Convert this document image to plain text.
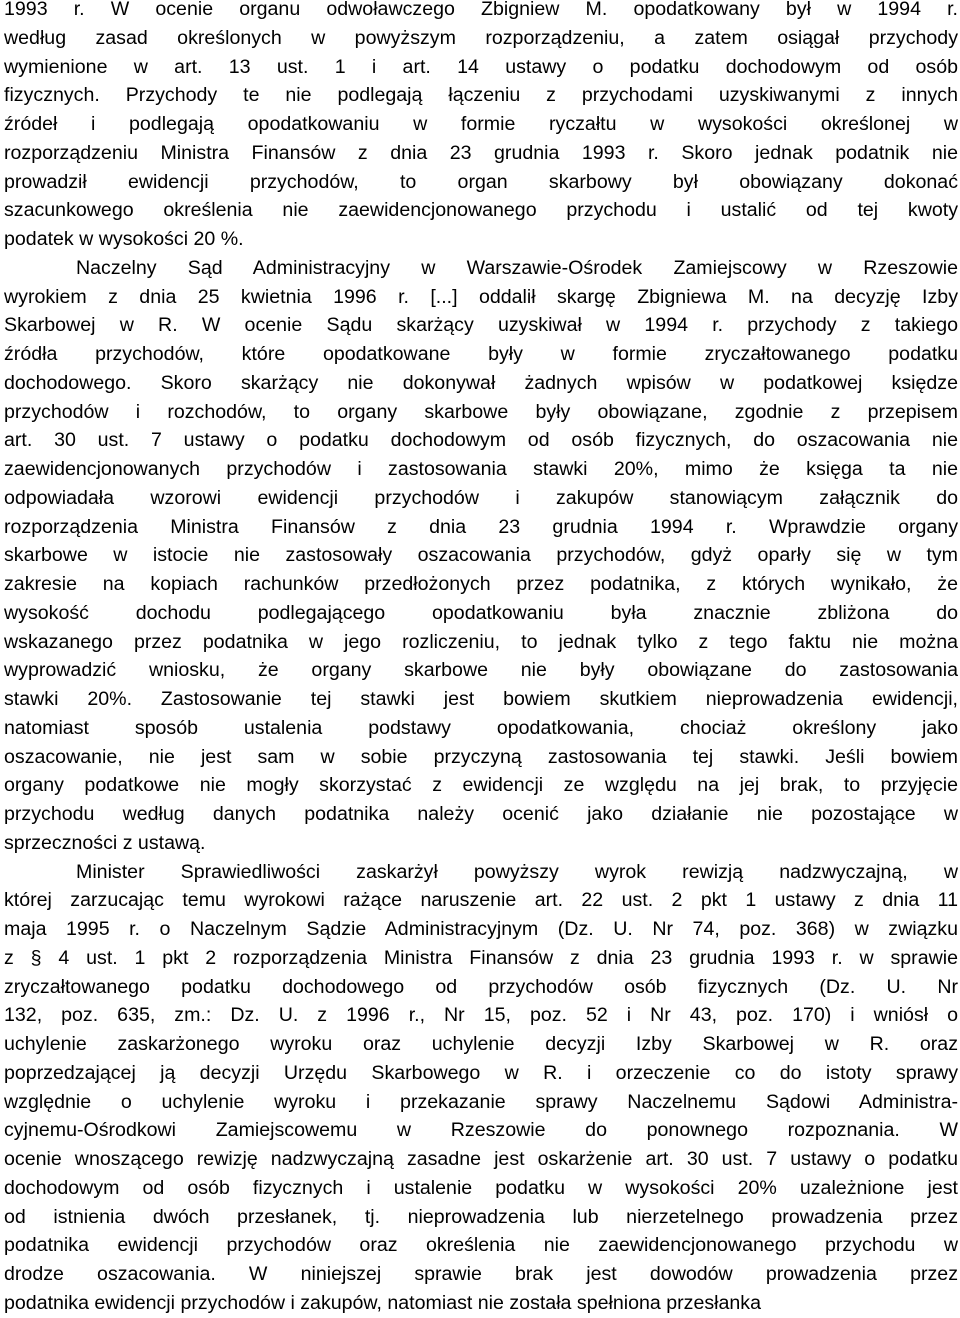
1993 r. W ocenie organu odwoławczego Zbigniew M. opodatkowany był w 1994 r.
według zasad określonych w powyższym rozporządzeniu, a zatem osiągał przychody
wymienione w art. 13 ust. 1 i art. 14 ustawy o podatku dochodowym od osób
fizycznych. Przychody te nie podlegają łączeniu z przychodami uzyskiwanymi z innych
źródeł i podlegają opodatkowaniu w formie ryczałtu w wysokości określonej w
rozporządzeniu Ministra Finansów z dnia 23 grudnia 1993 r. Skoro jednak podatnik nie
prowadził ewidencji przychodów, to organ skarbowy był obowiązany dokonać
szacunkowego określenia nie zaewidencjonowanego przychodu i ustalić od tej kwoty
podatek w wysokości 20 %.
Naczelny Sąd Administracyjny w Warszawie-Ośrodek Zamiejscowy w Rzeszowie
wyrokiem z dnia 25 kwietnia 1996 r. [...] oddalił skargę Zbigniewa M. na decyzję Izby
Skarbowej w R. W ocenie Sądu skarżący uzyskiwał w 1994 r. przychody z takiego
źródła przychodów, które opodatkowane były w formie zryczałtowanego podatku
dochodowego. Skoro skarżący nie dokonywał żadnych wpisów w podatkowej księdze
przychodów i rozchodów, to organy skarbowe były obowiązane, zgodnie z przepisem
art. 30 ust. 7 ustawy o podatku dochodowym od osób fizycznych, do oszacowania nie
zaewidencjonowanych przychodów i zastosowania stawki 20%, mimo że księga ta nie
odpowiadała wzorowi ewidencji przychodów i zakupów stanowiącym załącznik do
rozporządzenia Ministra Finansów z dnia 23 grudnia 1994 r. Wprawdzie organy
skarbowe w istocie nie zastosowały oszacowania przychodów, gdyż oparły się w tym
zakresie na kopiach rachunków przedłożonych przez podatnika, z których wynikało, że
wysokość dochodu podlegającego opodatkowaniu była znacznie zbliżona do
wskazanego przez podatnika w jego rozliczeniu, to jednak tylko z tego faktu nie można
wyprowadzić wniosku, że organy skarbowe nie były obowiązane do zastosowania
stawki 20%. Zastosowanie tej stawki jest bowiem skutkiem nieprowadzenia ewidencji,
natomiast sposób ustalenia podstawy opodatkowania, chociaż określony jako
oszacowanie, nie jest sam w sobie przyczyną zastosowania tej stawki. Jeśli bowiem
organy podatkowe nie mogły skorzystać z ewidencji ze względu na jej brak, to przyjęcie
przychodu według danych podatnika należy ocenić jako działanie nie pozostające w
sprzeczności z ustawą.
Minister Sprawiedliwości zaskarżył powyższy wyrok rewizją nadzwyczajną, w
której zarzucając temu wyrokowi rażące naruszenie art. 22 ust. 2 pkt 1 ustawy z dnia 11
maja 1995 r. o Naczelnym Sądzie Administracyjnym (Dz. U. Nr 74, poz. 368) w związku
z § 4 ust. 1 pkt 2 rozporządzenia Ministra Finansów z dnia 23 grudnia 1993 r. w sprawie
zryczałtowanego podatku dochodowego od przychodów osób fizycznych (Dz. U. Nr
132, poz. 635, zm.: Dz. U. z 1996 r., Nr 15, poz. 52 i Nr 43, poz. 170) i wniósł o
uchylenie zaskarżonego wyroku oraz uchylenie decyzji Izby Skarbowej w R. oraz
poprzedzającej ją decyzji Urzędu Skarbowego w R. i orzeczenie co do istoty sprawy
względnie o uchylenie wyroku i przekazanie sprawy Naczelnemu Sądowi Administra-
cyjnemu-Ośrodkowi Zamiejscowemu w Rzeszowie do ponownego rozpoznania. W
ocenie wnoszącego rewizję nadzwyczajną zasadne jest oskarżenie art. 30 ust. 7 ustawy o podatku
dochodowym od osób fizycznych i ustalenie podatku w wysokości 20% uzależnione jest
od istnienia dwóch przesłanek, tj. nieprowadzenia lub nierzetelnego prowadzenia przez
podatnika ewidencji przychodów oraz określenia nie zaewidencjonowanego przychodu w
drodze oszacowania. W niniejszej sprawie brak jest dowodów prowadzenia przez
podatnika ewidencji przychodów i zakupów, natomiast nie została spełniona przesłanka
